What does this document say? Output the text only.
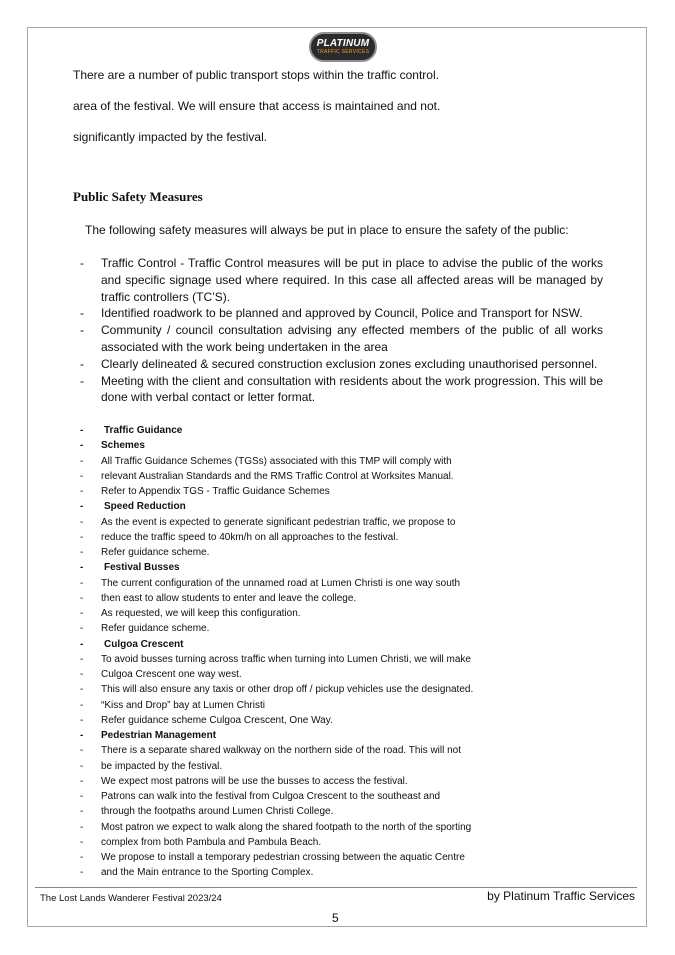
PLATINUM
TRAFFIC SERVICES

There are a number of public transport stops within the traffic control.

area of the festival. We will ensure that access is maintained and not.

significantly impacted by the festival.

Public Safety Measures

The following safety measures will always be put in place to ensure the safety of the public:

- Traffic Control - Traffic Control measures will be put in place to advise the public of the works and specific signage used where required. In this case all affected areas will be managed by traffic controllers (TC’S).
- Identified roadwork to be planned and approved by Council, Police and Transport for NSW.
- Community / council consultation advising any effected members of the public of all works associated with the work being undertaken in the area
- Clearly delineated & secured construction exclusion zones excluding unauthorised personnel.
- Meeting with the client and consultation with residents about the work progression. This will be done with verbal contact or letter format.
- Traffic Guidance
- Schemes
- All Traffic Guidance Schemes (TGSs) associated with this TMP will comply with
- relevant Australian Standards and the RMS Traffic Control at Worksites Manual.
- Refer to Appendix TGS - Traffic Guidance Schemes
- Speed Reduction
- As the event is expected to generate significant pedestrian traffic, we propose to
- reduce the traffic speed to 40km/h on all approaches to the festival.
- Refer guidance scheme.
- Festival Busses
- The current configuration of the unnamed road at Lumen Christi is one way south
- then east to allow students to enter and leave the college.
- As requested, we will keep this configuration.
- Refer guidance scheme.
- Culgoa Crescent
- To avoid busses turning across traffic when turning into Lumen Christi, we will make
- Culgoa Crescent one way west.
- This will also ensure any taxis or other drop off / pickup vehicles use the designated.
- “Kiss and Drop” bay at Lumen Christi
- Refer guidance scheme Culgoa Crescent, One Way.
- Pedestrian Management
- There is a separate shared walkway on the northern side of the road. This will not
- be impacted by the festival.
- We expect most patrons will be use the busses to access the festival.
- Patrons can walk into the festival from Culgoa Crescent to the southeast and
- through the footpaths around Lumen Christi College.
- Most patron we expect to walk along the shared footpath to the north of the sporting
- complex from both Pambula and Pambula Beach.
- We propose to install a temporary pedestrian crossing between the aquatic Centre
- and the Main entrance to the Sporting Complex.
The Lost Lands Wanderer Festival 2023/24	by Platinum Traffic Services
5
